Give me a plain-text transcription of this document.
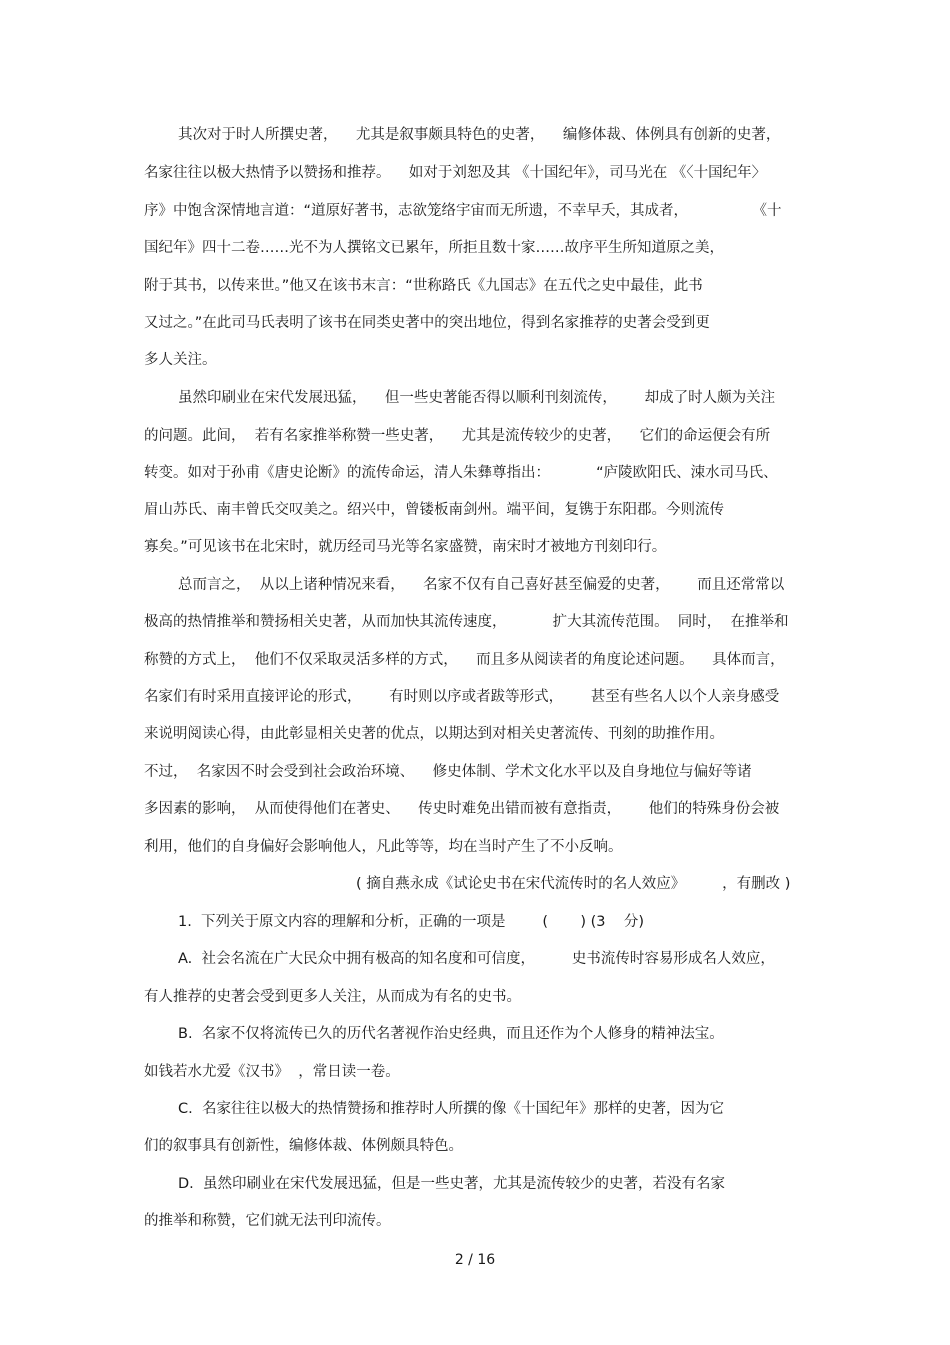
其次对于时人所撰史著，    尤其是叙事颇具特色的史著，    编修体裁、体例具有创新的史著，
名家往往以极大热情予以赞扬和推荐。    如对于刘恕及其 《十国纪年》，司马光在 《〈十国纪年〉
序》中饱含深情地言道：“道原好著书，志欲笼络宇宙而无所遗，不幸早夭，其成者，              《十
国纪年》四十二卷……光不为人撰铭文已累年，所拒且数十家……故序平生所知道原之美，
附于其书，以传来世。”他又在该书末言：“世称路氏《九国志》在五代之史中最佳，此书
又过之。”在此司马氏表明了该书在同类史著中的突出地位，得到名家推荐的史著会受到更
多人关注。
虽然印刷业在宋代发展迅猛，    但一些史著能否得以顺利刊刻流传，      却成了时人颇为关注
的问题。此间，  若有名家推举称赞一些史著，    尤其是流传较少的史著，    它们的命运便会有所
转变。如对于孙甫《唐史论断》的流传命运，清人朱彝尊指出：          “庐陵欧阳氏、涑水司马氏、
眉山苏氏、南丰曾氏交叹美之。绍兴中，曾镂板南剑州。端平间，复镌于东阳郡。今则流传
寡矣。”可见该书在北宋时，就历经司马光等名家盛赞，南宋时才被地方刊刻印行。
总而言之，  从以上诸种情况来看，    名家不仅有自己喜好甚至偏爱的史著，      而且还常常以
极高的热情推举和赞扬相关史著，从而加快其流传速度，          扩大其流传范围。  同时，  在推举和
称赞的方式上，  他们不仅采取灵活多样的方式，    而且多从阅读者的角度论述问题。    具体而言，
名家们有时采用直接评论的形式，      有时则以序或者跋等形式，      甚至有些名人以个人亲身感受
来说明阅读心得，由此彰显相关史著的优点，以期达到对相关史著流传、刊刻的助推作用。
不过，  名家因不时会受到社会政治环境、    修史体制、学术文化水平以及自身地位与偏好等诸
多因素的影响，  从而使得他们在著史、    传史时难免出错而被有意指责，      他们的特殊身份会被
利用，他们的自身偏好会影响他人，凡此等等，均在当时产生了不小反响。
( 摘自燕永成《试论史书在宋代流传时的名人效应》        ，有删改 )
1.  下列关于原文内容的理解和分析，正确的一项是        (       ) (3    分)
A.  社会名流在广大民众中拥有极高的知名度和可信度，        史书流传时容易形成名人效应，
有人推荐的史著会受到更多人关注，从而成为有名的史书。
B.  名家不仅将流传已久的历代名著视作治史经典，而且还作为个人修身的精神法宝。
如钱若水尤爱《汉书》  ，常日读一卷。
C.  名家往往以极大的热情赞扬和推荐时人所撰的像《十国纪年》那样的史著，因为它
们的叙事具有创新性，编修体裁、体例颇具特色。
D.  虽然印刷业在宋代发展迅猛，但是一些史著，尤其是流传较少的史著，若没有名家
的推举和称赞，它们就无法刊印流传。
2 / 16
